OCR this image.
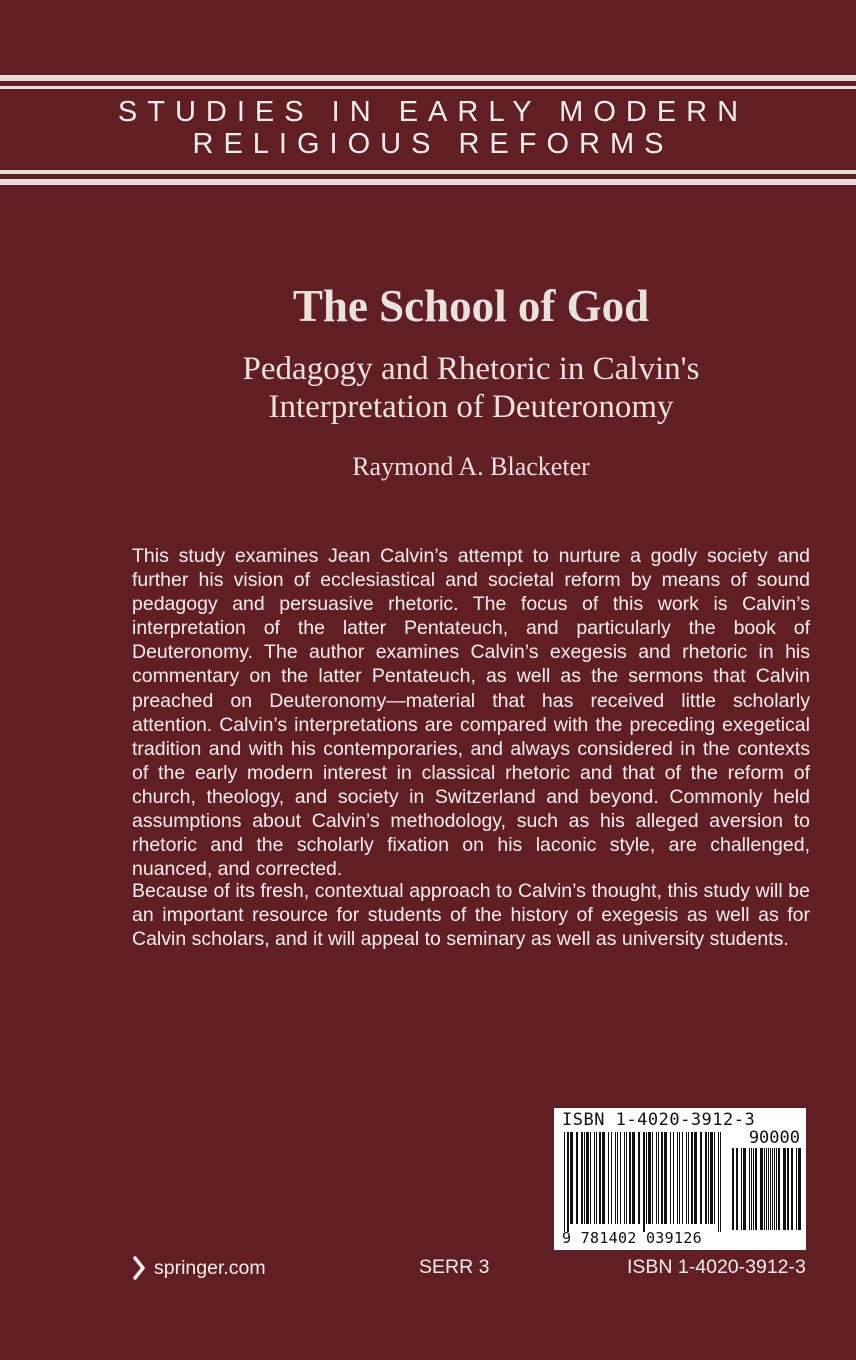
STUDIES IN EARLY MODERN
RELIGIOUS REFORMS
The School of God
Pedagogy and Rhetoric in Calvin's
Interpretation of Deuteronomy
Raymond A. Blacketer
This study examines Jean Calvin’s attempt to nurture a godly society and further his vision of ecclesiastical and societal reform by means of sound pedagogy and persuasive rhetoric. The focus of this work is Calvin’s interpretation of the latter Pentateuch, and particularly the book of Deuteronomy. The author examines Calvin’s exegesis and rhetoric in his commentary on the latter Pentateuch, as well as the sermons that Calvin preached on Deuteronomy—material that has received little scholarly attention. Calvin’s interpretations are compared with the preceding exegetical tradition and with his contemporaries, and always considered in the contexts of the early modern interest in classical rhetoric and that of the reform of church, theology, and society in Switzerland and beyond. Commonly held assumptions about Calvin’s methodology, such as his alleged aversion to rhetoric and the scholarly fixation on his laconic style, are challenged, nuanced, and corrected.
Because of its fresh, contextual approach to Calvin’s thought, this study will be an important resource for students of the history of exegesis as well as for Calvin scholars, and it will appeal to seminary as well as university students.
ISBN 1-4020-3912-3
90000
9 781402 039126
springer.com	SERR 3	ISBN 1-4020-3912-3
